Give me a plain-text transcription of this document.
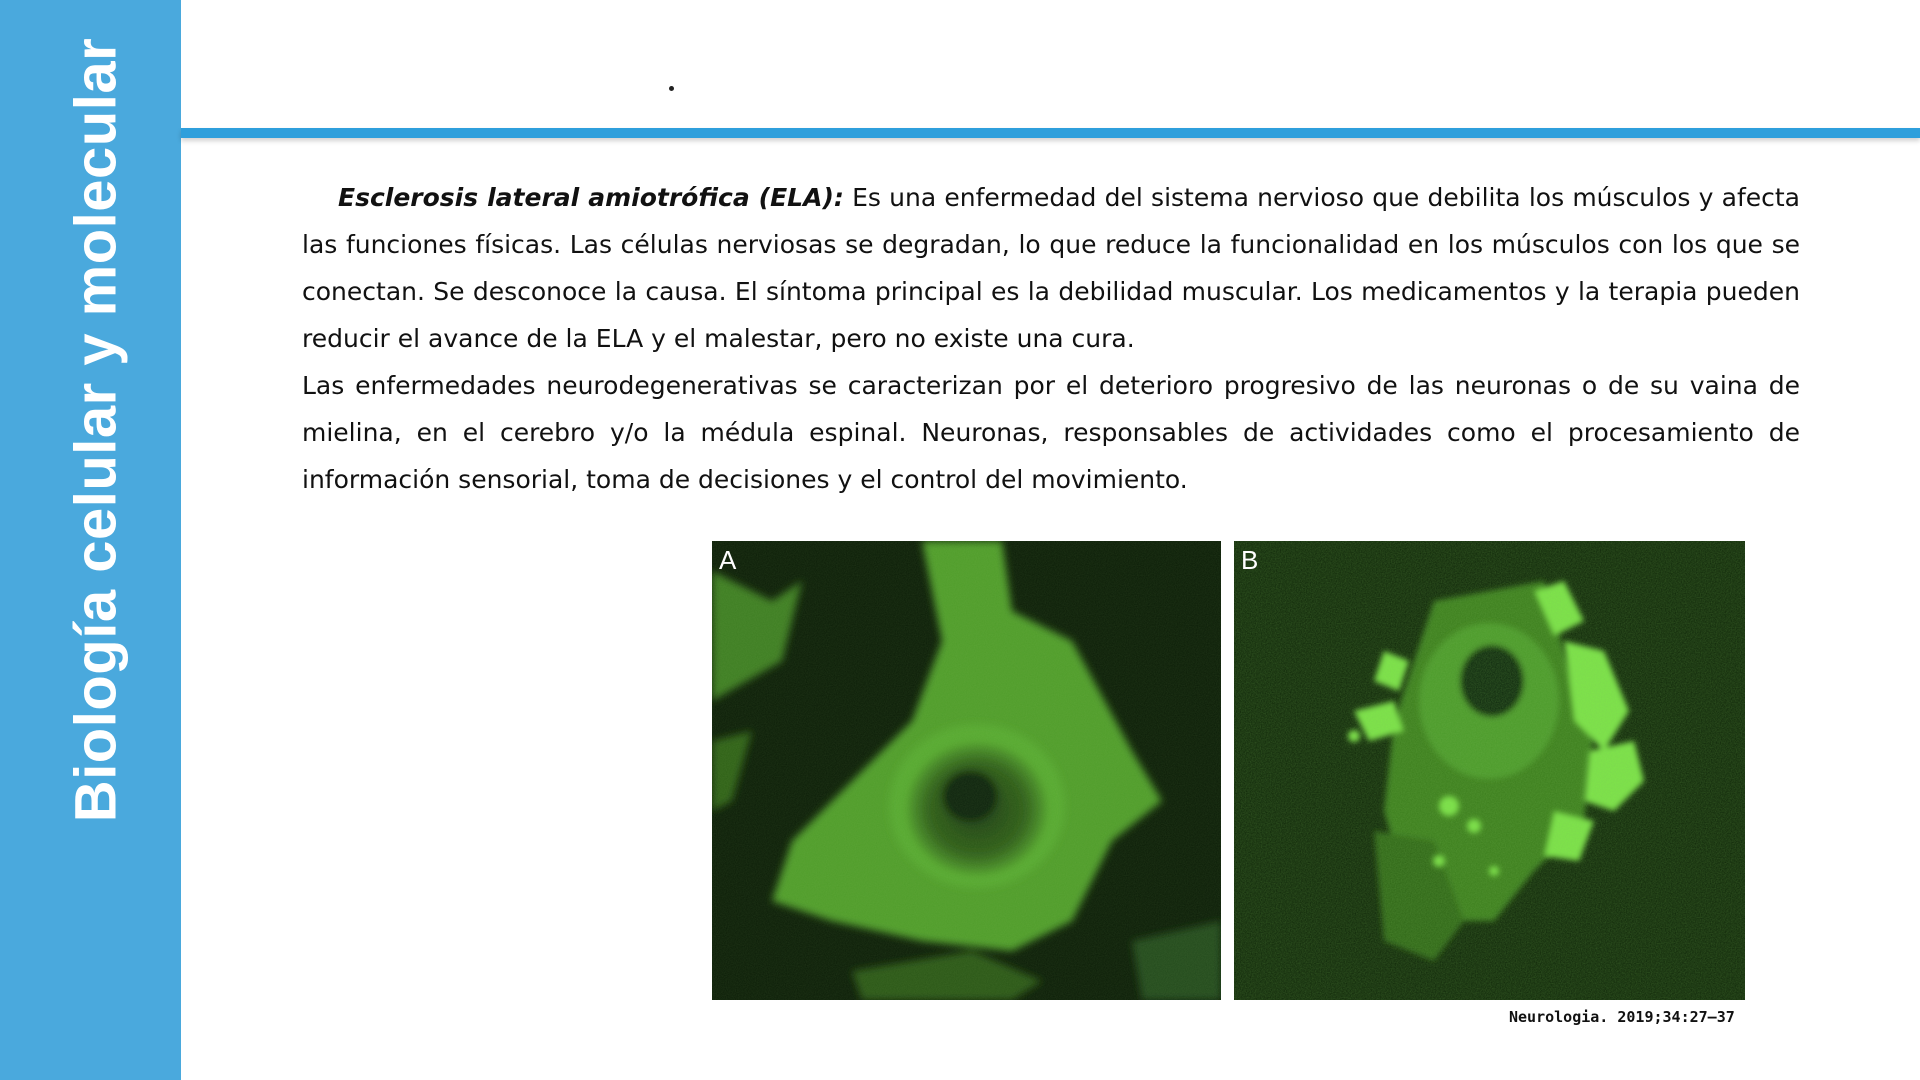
Biología celular y molecular	Esclerosis lateral amiotrófica (ELA): Es una enfermedad del sistema nervioso que debilita los músculos y afecta las funciones físicas. Las células nerviosas se degradan, lo que reduce la funcionalidad en los músculos con los que se conectan. Se desconoce la causa. El síntoma principal es la debilidad muscular. Los medicamentos y la terapia pueden reducir el avance de la ELA y el malestar, pero no existe una cura.

Las enfermedades neurodegenerativas se caracterizan por el deterioro progresivo de las neuronas o de su vaina de mielina, en el cerebro y/o la médula espinal. Neuronas, responsables de actividades como el procesamiento de información sensorial, toma de decisiones y el control del movimiento.

A	B
Neurologia. 2019;34:27–37
